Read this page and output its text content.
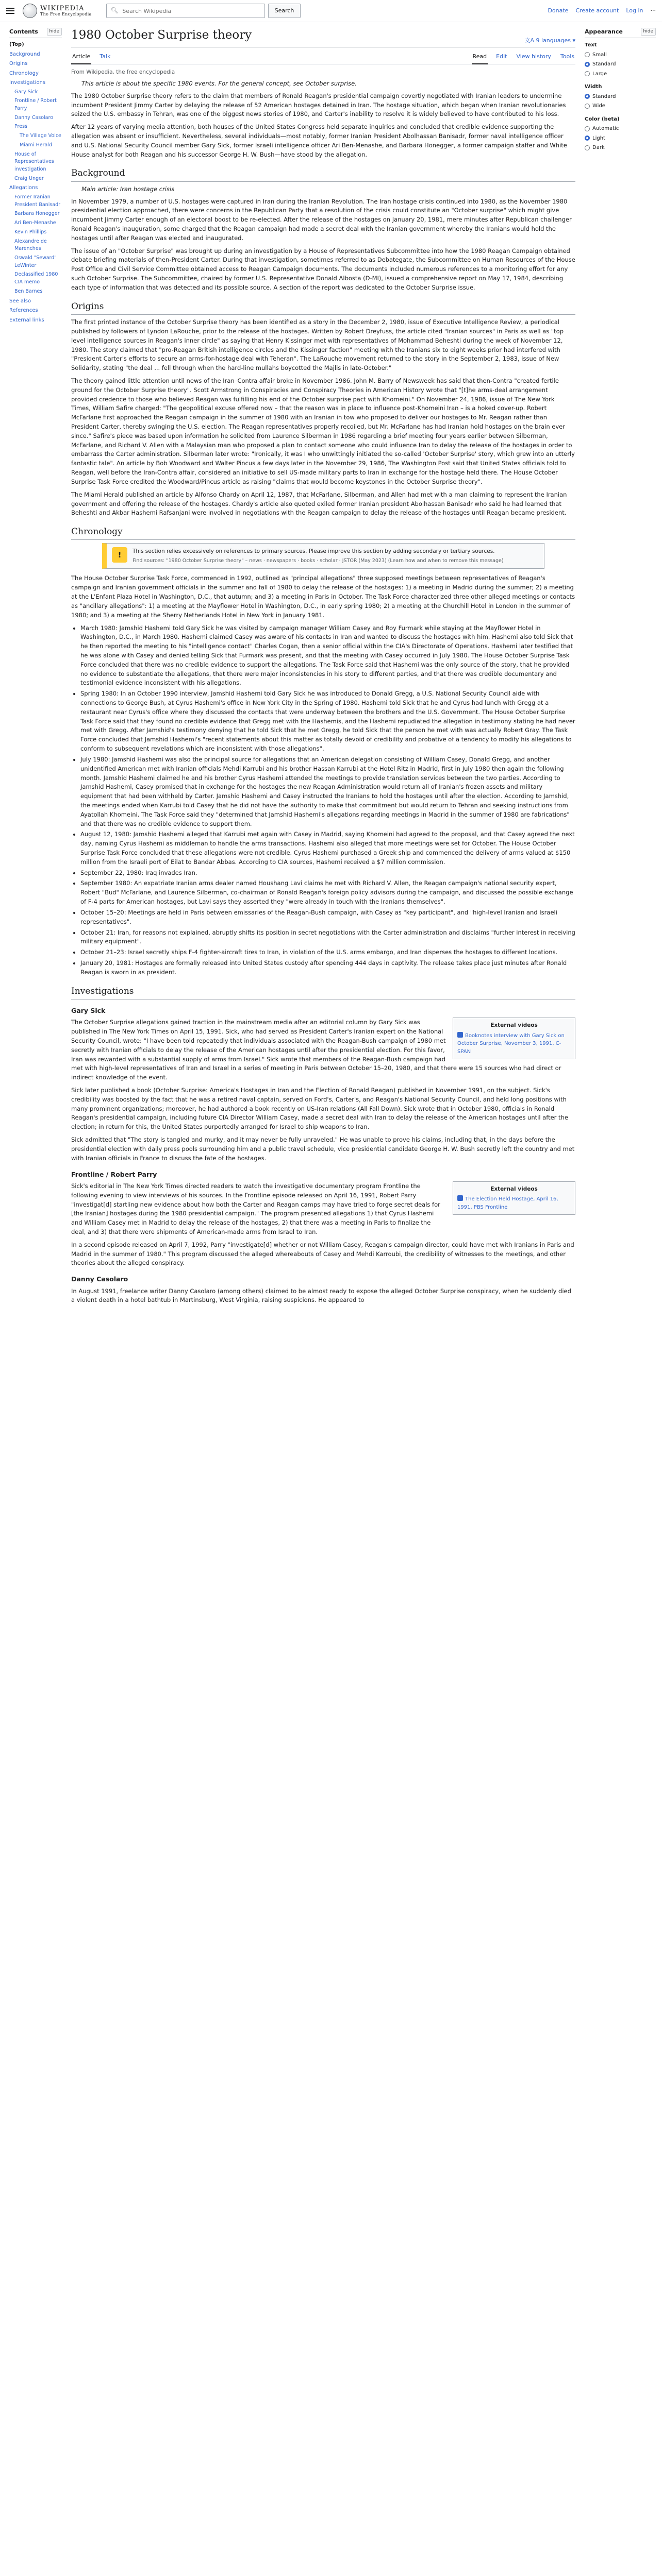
WIKIPEDIA
The Free Encyclopedia
🔍︎
Search Wikipedia	Search	Donate Create account Log in ···
Contents	hide
(Top)
Background
Origins
Chronology
Investigations
Gary Sick
Frontline / Robert Parry
Danny Casolaro
Press
The Village Voice
Miami Herald
House of Representatives investigation
Craig Unger
Allegations
Former Iranian President Banisadr
Barbara Honegger
Ari Ben-Menashe
Kevin Phillips
Alexandre de Marenches
Oswald "Seward" LeWinter
Declassified 1980 CIA memo
Ben Barnes
See also
References
External links
1980 October Surprise theory	文A 9 languages ▾
Article Talk	Read Edit View history Tools
From Wikipedia, the free encyclopedia
This article is about the specific 1980 events. For the general concept, see October surprise.

The 1980 October Surprise theory refers to the claim that members of Ronald Reagan's presidential campaign covertly negotiated with Iranian leaders to undermine incumbent President Jimmy Carter by delaying the release of 52 American hostages detained in Iran. The hostage situation, which began when Iranian revolutionaries seized the U.S. embassy in Tehran, was one of the biggest news stories of 1980, and Carter's inability to resolve it is widely believed to have contributed to his loss.

After 12 years of varying media attention, both houses of the United States Congress held separate inquiries and concluded that credible evidence supporting the allegation was absent or insufficient. Nevertheless, several individuals—most notably, former Iranian President Abolhassan Banisadr, former naval intelligence officer and U.S. National Security Council member Gary Sick, former Israeli intelligence officer Ari Ben-Menashe, and Barbara Honegger, a former campaign staffer and White House analyst for both Reagan and his successor George H. W. Bush—have stood by the allegation.

Background
Main article: Iran hostage crisis

In November 1979, a number of U.S. hostages were captured in Iran during the Iranian Revolution. The Iran hostage crisis continued into 1980, as the November 1980 presidential election approached, there were concerns in the Republican Party that a resolution of the crisis could constitute an "October surprise" which might give incumbent Jimmy Carter enough of an electoral boost to be re-elected. After the release of the hostages on January 20, 1981, mere minutes after Republican challenger Ronald Reagan's inauguration, some charged that the Reagan campaign had made a secret deal with the Iranian government whereby the Iranians would hold the hostages until after Reagan was elected and inaugurated.

The issue of an "October Surprise" was brought up during an investigation by a House of Representatives Subcommittee into how the 1980 Reagan Campaign obtained debate briefing materials of then-President Carter. During that investigation, sometimes referred to as Debategate, the Subcommittee on Human Resources of the House Post Office and Civil Service Committee obtained access to Reagan Campaign documents. The documents included numerous references to a monitoring effort for any such October Surprise. The Subcommittee, chaired by former U.S. Representative Donald Albosta (D-MI), issued a comprehensive report on May 17, 1984, describing each type of information that was detected and its possible source. A section of the report was dedicated to the October Surprise issue.

Origins

The first printed instance of the October Surprise theory has been identified as a story in the December 2, 1980, issue of Executive Intelligence Review, a periodical published by followers of Lyndon LaRouche, prior to the release of the hostages. Written by Robert Dreyfuss, the article cited "Iranian sources" in Paris as well as "top level intelligence sources in Reagan's inner circle" as saying that Henry Kissinger met with representatives of Mohammad Beheshti during the week of November 12, 1980. The story claimed that "pro-Reagan British intelligence circles and the Kissinger faction" meeting with the Iranians six to eight weeks prior had interfered with "President Carter's efforts to secure an arms-for-hostage deal with Teheran". The LaRouche movement returned to the story in the September 2, 1983, issue of New Solidarity, stating "the deal ... fell through when the hard-line mullahs boycotted the Majlis in late-October."

The theory gained little attention until news of the Iran–Contra affair broke in November 1986. John M. Barry of Newsweek has said that then-Contra "created fertile ground for the October Surprise theory". Scott Armstrong in Conspiracies and Conspiracy Theories in American History wrote that "[t]he arms-deal arrangement provided credence to those who believed Reagan was fulfilling his end of the October surprise pact with Khomeini." On November 24, 1986, issue of The New York Times, William Safire charged: "The geopolitical excuse offered now – that the reason was in place to influence post-Khomeini Iran – is a hoked cover-up. Robert McFarlane first approached the Reagan campaign in the summer of 1980 with an Iranian in tow who proposed to deliver our hostages to Mr. Reagan rather than President Carter, thereby swinging the U.S. election. The Reagan representatives properly recoiled, but Mr. McFarlane has had Iranian hold hostages on the brain ever since." Safire's piece was based upon information he solicited from Laurence Silberman in 1986 regarding a brief meeting four years earlier between Silberman, McFarlane, and Richard V. Allen with a Malaysian man who proposed a plan to contact someone who could influence Iran to delay the release of the hostages in order to embarrass the Carter administration. Silberman later wrote: "Ironically, it was I who unwittingly initiated the so-called 'October Surprise' story, which grew into an utterly fantastic tale". An article by Bob Woodward and Walter Pincus a few days later in the November 29, 1986, The Washington Post said that United States officials told to Reagan, well before the Iran-Contra affair, considered an initiative to sell US-made military parts to Iran in exchange for the hostage held there. The House October Surprise Task Force credited the Woodward/Pincus article as raising "claims that would become keystones in the October Surprise theory".

The Miami Herald published an article by Alfonso Chardy on April 12, 1987, that McFarlane, Silberman, and Allen had met with a man claiming to represent the Iranian government and offering the release of the hostages. Chardy's article also quoted exiled former Iranian president Abolhassan Banisadr who said he had learned that Beheshti and Akbar Hashemi Rafsanjani were involved in negotiations with the Reagan campaign to delay the release of the hostages until Reagan became president.

Chronology
!	This section relies excessively on references to primary sources. Please improve this section by adding secondary or tertiary sources.
Find sources: "1980 October Surprise theory" – news · newspapers · books · scholar · JSTOR (May 2023) (Learn how and when to remove this message)

The House October Surprise Task Force, commenced in 1992, outlined as "principal allegations" three supposed meetings between representatives of Reagan's campaign and Iranian government officials in the summer and fall of 1980 to delay the release of the hostages: 1) a meeting in Madrid during the summer; 2) a meeting at the L'Enfant Plaza Hotel in Washington, D.C., that autumn; and 3) a meeting in Paris in October. The Task Force characterized three other alleged meetings or contacts as "ancillary allegations": 1) a meeting at the Mayflower Hotel in Washington, D.C., in early spring 1980; 2) a meeting at the Churchill Hotel in London in the summer of 1980; and 3) a meeting at the Sherry Netherlands Hotel in New York in January 1981.

• March 1980: Jamshid Hashemi told Gary Sick he was visited by campaign manager William Casey and Roy Furmark while staying at the Mayflower Hotel in Washington, D.C., in March 1980. Hashemi claimed Casey was aware of his contacts in Iran and wanted to discuss the hostages with him. Hashemi also told Sick that he then reported the meeting to his "intelligence contact" Charles Cogan, then a senior official within the CIA's Directorate of Operations. Hashemi later testified that he was alone with Casey and denied telling Sick that Furmark was present, and that the meeting with Casey occurred in July 1980. The House October Surprise Task Force concluded that there was no credible evidence to support the allegations. The Task Force said that Hashemi was the only source of the story, that he provided no evidence to substantiate the allegations, that there were major inconsistencies in his story to different parties, and that there was credible documentary and testimonial evidence inconsistent with his allegations.
• Spring 1980: In an October 1990 interview, Jamshid Hashemi told Gary Sick he was introduced to Donald Gregg, a U.S. National Security Council aide with connections to George Bush, at Cyrus Hashemi's office in New York City in the Spring of 1980. Hashemi told Sick that he and Cyrus had lunch with Gregg at a restaurant near Cyrus's office where they discussed the contacts that were underway between the brothers and the U.S. Government. The House October Surprise Task Force said that they found no credible evidence that Gregg met with the Hashemis, and the Hashemi repudiated the allegation in testimony stating he had never met with Gregg. After Jamshid's testimony denying that he told Sick that he met Gregg, he told Sick that the person he met with was actually Robert Gray. The Task Force concluded that Jamshid Hashemi's "recent statements about this matter as totally devoid of credibility and probative of a tendency to modify his allegations to conform to subsequent revelations which are inconsistent with those allegations".
• July 1980: Jamshid Hashemi was also the principal source for allegations that an American delegation consisting of William Casey, Donald Gregg, and another unidentified American met with Iranian officials Mehdi Karrubi and his brother Hassan Karrubi at the Hotel Ritz in Madrid, first in July 1980 then again the following month. Jamshid Hashemi claimed he and his brother Cyrus Hashemi attended the meetings to provide translation services between the two parties. According to Jamshid Hashemi, Casey promised that in exchange for the hostages the new Reagan Administration would return all of Iranian's frozen assets and military equipment that had been withheld by Carter. Jamshid Hashemi and Casey instructed the Iranians to hold the hostages until after the election. According to Jamshid, the meetings ended when Karrubi told Casey that he did not have the authority to make that commitment but would return to Tehran and seeking instructions from Ayatollah Khomeini. The Task Force said they "determined that Jamshid Hashemi's allegations regarding meetings in Madrid in the summer of 1980 are fabrications" and that there was no credible evidence to support them.
• August 12, 1980: Jamshid Hashemi alleged that Karrubi met again with Casey in Madrid, saying Khomeini had agreed to the proposal, and that Casey agreed the next day, naming Cyrus Hashemi as middleman to handle the arms transactions. Hashemi also alleged that more meetings were set for October. The House October Surprise Task Force concluded that these allegations were not credible. Cyrus Hashemi purchased a Greek ship and commenced the delivery of arms valued at $150 million from the Israeli port of Eilat to Bandar Abbas. According to CIA sources, Hashemi received a $7 million commission.
• September 22, 1980: Iraq invades Iran.
• September 1980: An expatriate Iranian arms dealer named Houshang Lavi claims he met with Richard V. Allen, the Reagan campaign's national security expert, Robert "Bud" McFarlane, and Laurence Silberman, co-chairman of Ronald Reagan's foreign policy advisors during the campaign, and discussed the possible exchange of F-4 parts for American hostages, but Lavi says they asserted they "were already in touch with the Iranians themselves".
• October 15–20: Meetings are held in Paris between emissaries of the Reagan-Bush campaign, with Casey as "key participant", and "high-level Iranian and Israeli representatives".
• October 21: Iran, for reasons not explained, abruptly shifts its position in secret negotiations with the Carter administration and disclaims "further interest in receiving military equipment".
• October 21–23: Israel secretly ships F-4 fighter-aircraft tires to Iran, in violation of the U.S. arms embargo, and Iran disperses the hostages to different locations.
• January 20, 1981: Hostages are formally released into United States custody after spending 444 days in captivity. The release takes place just minutes after Ronald Reagan is sworn in as president.
Investigations
Gary Sick
External videos
Booknotes interview with Gary Sick on October Surprise, November 3, 1991, C-SPAN

The October Surprise allegations gained traction in the mainstream media after an editorial column by Gary Sick was published in The New York Times on April 15, 1991. Sick, who had served as President Carter's Iranian expert on the National Security Council, wrote: "I have been told repeatedly that individuals associated with the Reagan-Bush campaign of 1980 met secretly with Iranian officials to delay the release of the American hostages until after the presidential election. For this favor, Iran was rewarded with a substantial supply of arms from Israel." Sick wrote that members of the Reagan-Bush campaign had met with high-level representatives of Iran and Israel in a series of meeting in Paris between October 15–20, 1980, and that there were 15 sources who had direct or indirect knowledge of the event.

Sick later published a book (October Surprise: America's Hostages in Iran and the Election of Ronald Reagan) published in November 1991, on the subject. Sick's credibility was boosted by the fact that he was a retired naval captain, served on Ford's, Carter's, and Reagan's National Security Council, and held long positions with many prominent organizations; moreover, he had authored a book recently on US-Iran relations (All Fall Down). Sick wrote that in October 1980, officials in Ronald Reagan's presidential campaign, including future CIA Director William Casey, made a secret deal with Iran to delay the release of the American hostages until after the election; in return for this, the United States purportedly arranged for Israel to ship weapons to Iran.

Sick admitted that "The story is tangled and murky, and it may never be fully unraveled." He was unable to prove his claims, including that, in the days before the presidential election with daily press pools surrounding him and a public travel schedule, vice presidential candidate George H. W. Bush secretly left the country and met with Iranian officials in France to discuss the fate of the hostages.

Frontline / Robert Parry
External videos
The Election Held Hostage, April 16, 1991, PBS Frontline

Sick's editorial in The New York Times directed readers to watch the investigative documentary program Frontline the following evening to view interviews of his sources. In the Frontline episode released on April 16, 1991, Robert Parry "investigat[d] startling new evidence about how both the Carter and Reagan camps may have tried to forge secret deals for [the Iranian] hostages during the 1980 presidential campaign." The program presented allegations 1) that Cyrus Hashemi and William Casey met in Madrid to delay the release of the hostages, 2) that there was a meeting in Paris to finalize the deal, and 3) that there were shipments of American-made arms from Israel to Iran.

In a second episode released on April 7, 1992, Parry "investigate[d] whether or not William Casey, Reagan's campaign director, could have met with Iranians in Paris and Madrid in the summer of 1980." This program discussed the alleged whereabouts of Casey and Mehdi Karroubi, the credibility of witnesses to the meetings, and other theories about the alleged conspiracy.

Danny Casolaro

In August 1991, freelance writer Danny Casolaro (among others) claimed to be almost ready to expose the alleged October Surprise conspiracy, when he suddenly died a violent death in a hotel bathtub in Martinsburg, West Virginia, raising suspicions. He appeared to

Appearance	hide
Text
Small
Standard
Large
Width
Standard
Wide
Color (beta)
Automatic
Light
Dark
